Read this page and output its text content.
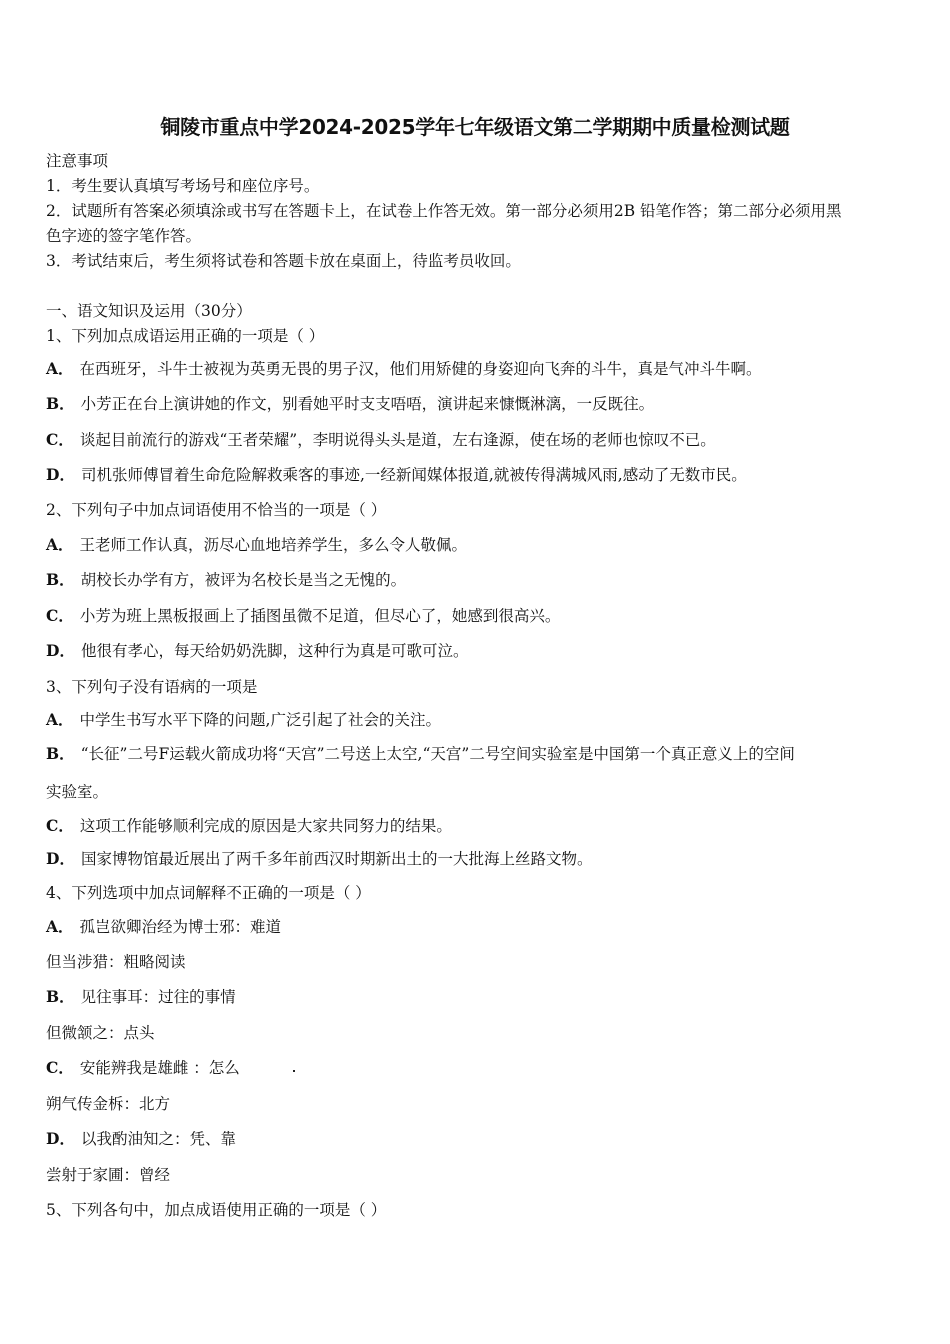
铜陵市重点中学2024-2025学年七年级语文第二学期期中质量检测试题
注意事项
1．考生要认真填写考场号和座位序号。
2．试题所有答案必须填涂或书写在答题卡上，在试卷上作答无效。第一部分必须用2B 铅笔作答；第二部分必须用黑
色字迹的签字笔作答。
3．考试结束后，考生须将试卷和答题卡放在桌面上，待监考员收回。
一、语文知识及运用（30分）
1、下列加点成语运用正确的一项是（ ）
A． 在西班牙，斗牛士被视为英勇无畏的男子汉，他们用矫健的身姿迎向飞奔的斗牛，真是气冲斗牛啊。
B． 小芳正在台上演讲她的作文，别看她平时支支唔唔，演讲起来慷慨淋漓，一反既往。
C． 谈起目前流行的游戏“王者荣耀”，李明说得头头是道，左右逢源，使在场的老师也惊叹不已。
D． 司机张师傅冒着生命危险解救乘客的事迹,一经新闻媒体报道,就被传得满城风雨,感动了无数市民。
2、下列句子中加点词语使用不恰当的一项是（ ）
A． 王老师工作认真，沥尽心血地培养学生，多么令人敬佩。
B． 胡校长办学有方，被评为名校长是当之无愧的。
C． 小芳为班上黑板报画上了插图虽微不足道，但尽心了，她感到很高兴。
D． 他很有孝心，每天给奶奶洗脚，这种行为真是可歌可泣。
3、下列句子没有语病的一项是
A． 中学生书写水平下降的问题,广泛引起了社会的关注。
B． “长征”二号F运载火箭成功将“天宫”二号送上太空,“天宫”二号空间实验室是中国第一个真正意义上的空间
实验室。
C． 这项工作能够顺利完成的原因是大家共同努力的结果。
D． 国家博物馆最近展出了两千多年前西汉时期新出土的一大批海上丝路文物。
4、下列选项中加点词解释不正确的一项是（ ）
A． 孤岂欲卿治经为博士邪：难道
但当涉猎：粗略阅读
B． 见往事耳：过往的事情
但微颔之：点头
C． 安能辨我是雄雌 ：怎么
朔气传金柝：北方
D． 以我酌油知之：凭、靠
尝射于家圃：曾经
5、下列各句中，加点成语使用正确的一项是（ ）
